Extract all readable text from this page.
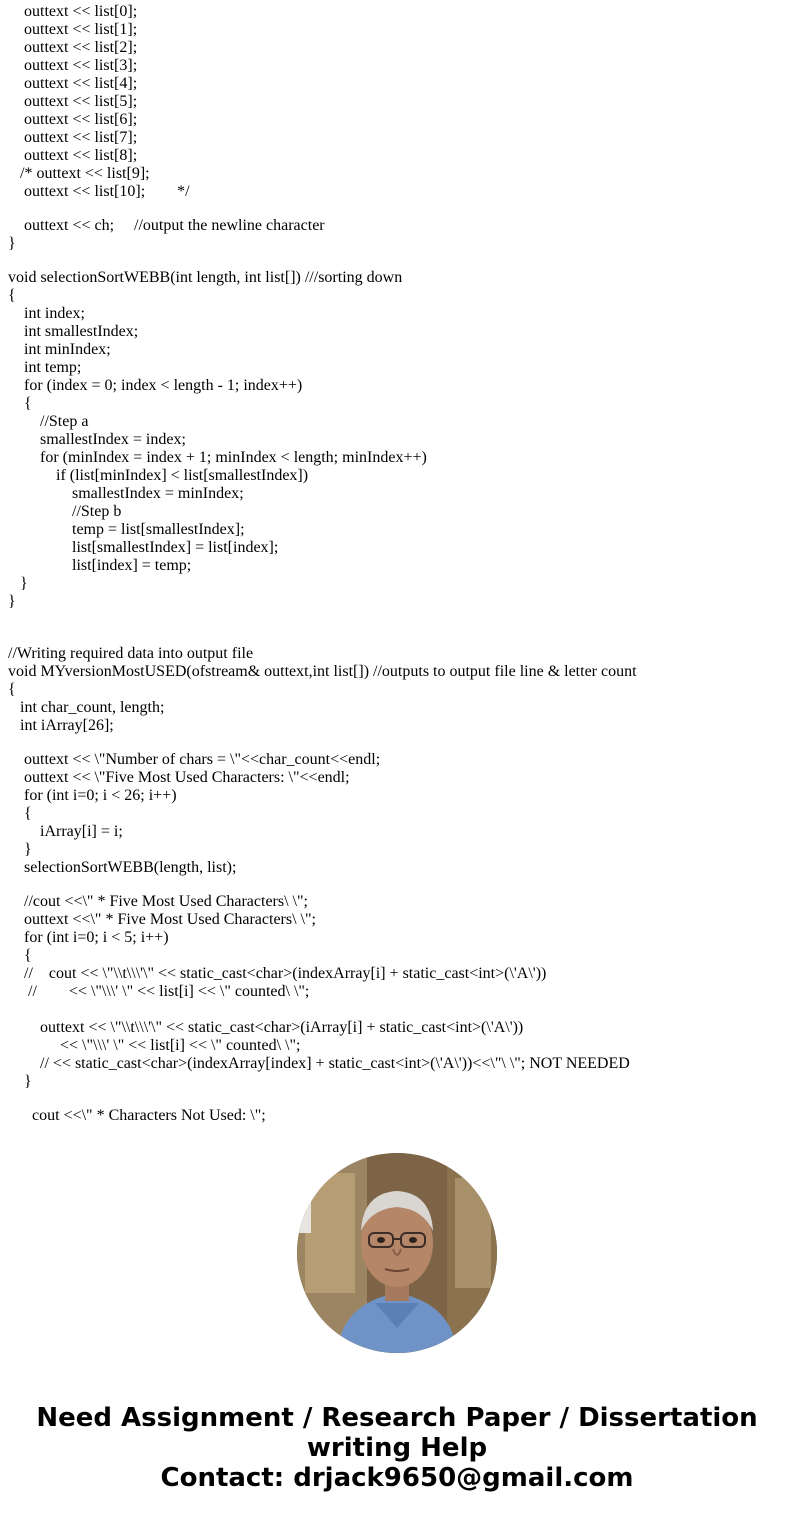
outtext << list[0];
outtext << list[1];
outtext << list[2];
outtext << list[3];
outtext << list[4];
outtext << list[5];
outtext << list[6];
outtext << list[7];
outtext << list[8];
/* outtext << list[9];
outtext << list[10];        */
outtext << ch;     //output the newline character
}
void selectionSortWEBB(int length, int list[]) ///sorting down
{
int index;
int smallestIndex;
int minIndex;
int temp;
for (index = 0; index < length - 1; index++)
{
//Step a
smallestIndex = index;
for (minIndex = index + 1; minIndex < length; minIndex++)
if (list[minIndex] < list[smallestIndex])
smallestIndex = minIndex;
//Step b
temp = list[smallestIndex];
list[smallestIndex] = list[index];
list[index] = temp;
}
}
//Writing required data into output file
void MYversionMostUSED(ofstream& outtext,int list[]) //outputs to output file line & letter count
{
int char_count, length;
int iArray[26];
outtext << \"Number of chars = \"<<char_count<<endl;
outtext << \"Five Most Used Characters: \"<<endl;
for (int i=0; i < 26; i++)
{
iArray[i] = i;
}
selectionSortWEBB(length, list);
//cout <<\" * Five Most Used Characters\ \";
outtext <<\" * Five Most Used Characters\ \";
for (int i=0; i < 5; i++)
{
//    cout << \"\\t\\\'\" << static_cast<char>(indexArray[i] + static_cast<int>(\'A\'))
//        << \"\\\' \" << list[i] << \" counted\ \";
outtext << \"\\t\\\'\" << static_cast<char>(iArray[i] + static_cast<int>(\'A\'))
<< \"\\\' \" << list[i] << \" counted\ \";
// << static_cast<char>(indexArray[index] + static_cast<int>(\'A\'))<<\"\ \"; NOT NEEDED
}
cout <<\" * Characters Not Used: \";
Need Assignment / Research Paper / Dissertation
writing Help
Contact: drjack9650@gmail.com
